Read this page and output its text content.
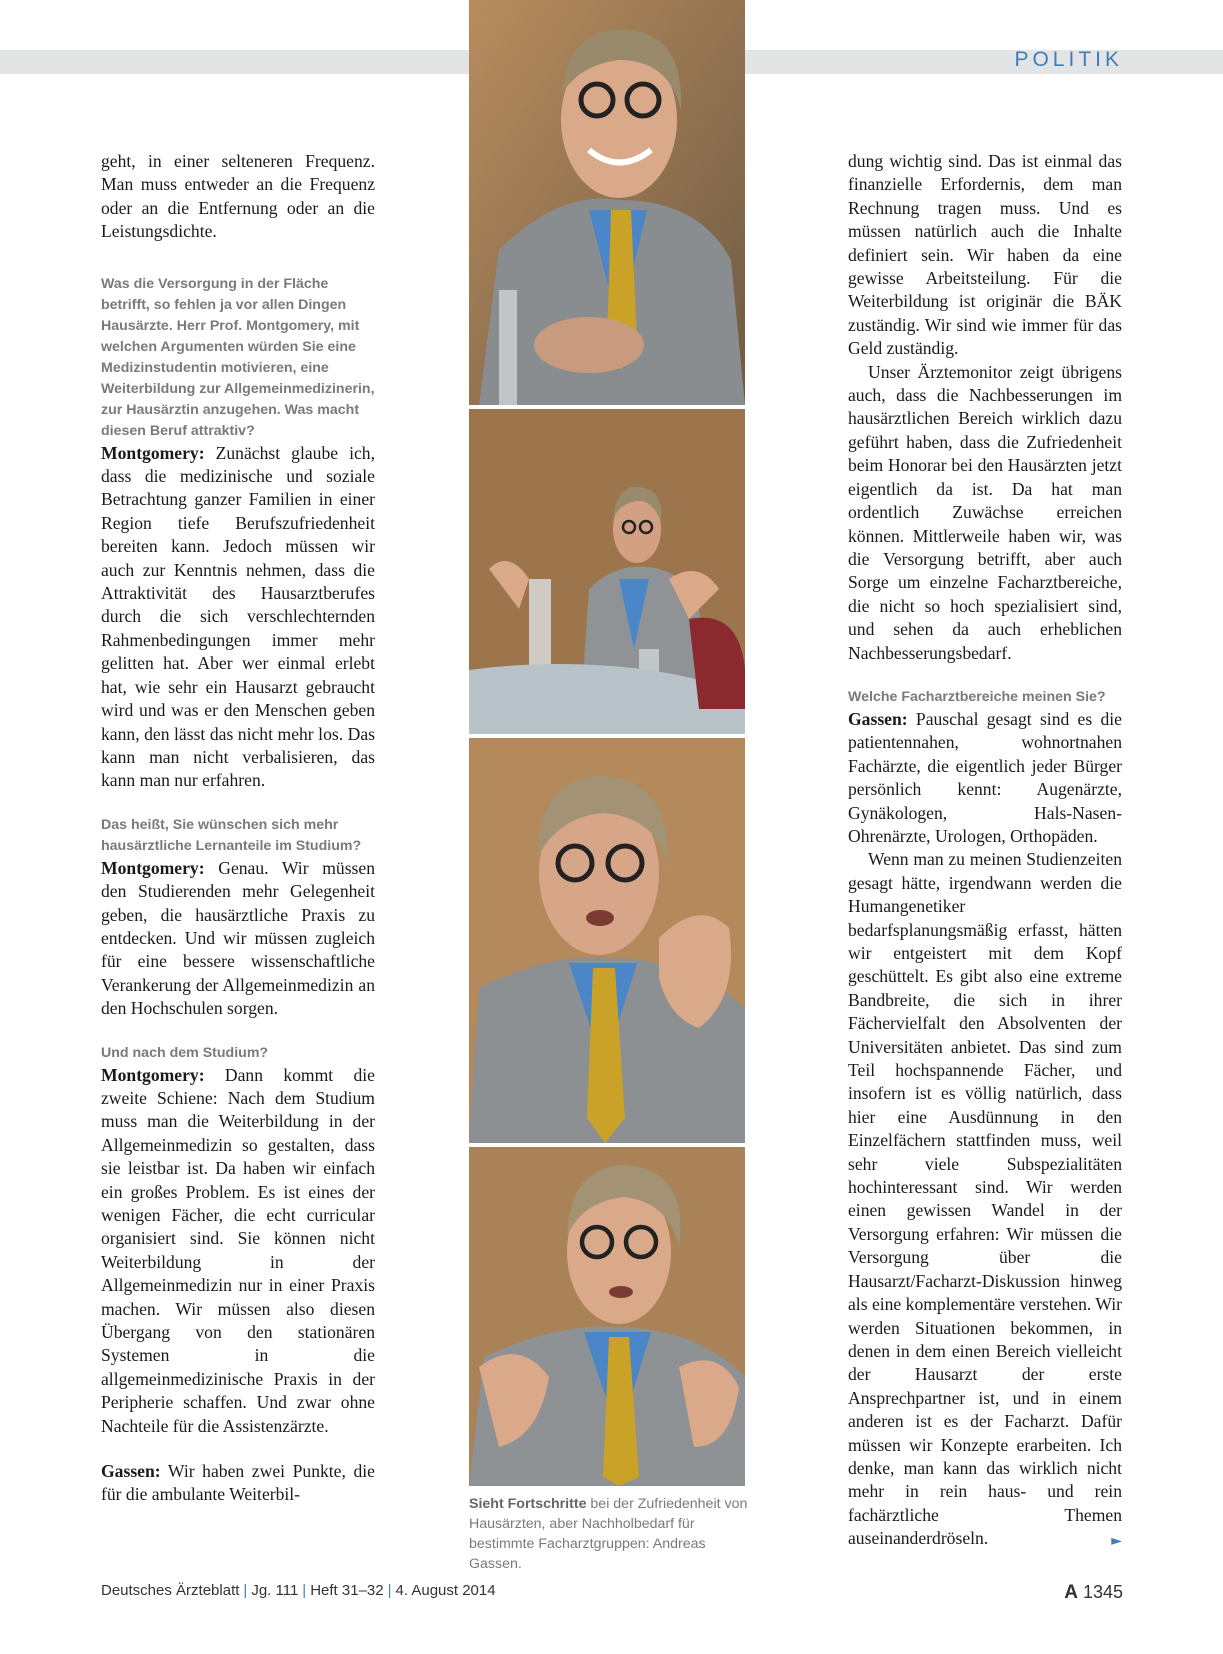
POLITIK

geht, in einer selteneren Frequenz. Man muss entweder an die Frequenz oder an die Entfernung oder an die Leistungsdichte.

Was die Versorgung in der Fläche betrifft, so fehlen ja vor allen Dingen Hausärzte. Herr Prof. Montgomery, mit welchen Argumenten würden Sie eine Medizinstudentin motivieren, eine Weiterbildung zur Allgemeinmedizinerin, zur Hausärztin anzugehen. Was macht diesen Beruf attraktiv?

Montgomery: Zunächst glaube ich, dass die medizinische und soziale Betrachtung ganzer Familien in einer Region tiefe Berufszufriedenheit bereiten kann. Jedoch müssen wir auch zur Kenntnis nehmen, dass die Attraktivität des Hausarztberufes durch die sich verschlechternden Rahmenbedingungen immer mehr gelitten hat. Aber wer einmal erlebt hat, wie sehr ein Hausarzt gebraucht wird und was er den Menschen geben kann, den lässt das nicht mehr los. Das kann man nicht verbalisieren, das kann man nur erfahren.

Das heißt, Sie wünschen sich mehr hausärztliche Lernanteile im Studium?

Montgomery: Genau. Wir müssen den Studierenden mehr Gelegenheit geben, die hausärztliche Praxis zu entdecken. Und wir müssen zugleich für eine bessere wissenschaftliche Verankerung der Allgemeinmedizin an den Hochschulen sorgen.

Und nach dem Studium?

Montgomery: Dann kommt die zweite Schiene: Nach dem Studium muss man die Weiterbildung in der Allgemeinmedizin so gestalten, dass sie leistbar ist. Da haben wir einfach ein großes Problem. Es ist eines der wenigen Fächer, die echt curricular organisiert sind. Sie können nicht Weiterbildung in der Allgemeinmedizin nur in einer Praxis machen. Wir müssen also diesen Übergang von den stationären Systemen in die allgemeinmedizinische Praxis in der Peripherie schaffen. Und zwar ohne Nachteile für die Assistenzärzte.

Gassen: Wir haben zwei Punkte, die für die ambulante Weiterbil-	Sieht Fortschritte bei der Zufriedenheit von Hausärzten, aber Nachholbedarf für bestimmte Facharztgruppen: Andreas Gassen.

dung wichtig sind. Das ist einmal das finanzielle Erfordernis, dem man Rechnung tragen muss. Und es müssen natürlich auch die Inhalte definiert sein. Wir haben da eine gewisse Arbeitsteilung. Für die Weiterbildung ist originär die BÄK zuständig. Wir sind wie immer für das Geld zuständig.

Unser Ärztemonitor zeigt übrigens auch, dass die Nachbesserungen im hausärztlichen Bereich wirklich dazu geführt haben, dass die Zufriedenheit beim Honorar bei den Hausärzten jetzt eigentlich da ist. Da hat man ordentlich Zuwächse erreichen können. Mittlerweile haben wir, was die Versorgung betrifft, aber auch Sorge um einzelne Facharztbereiche, die nicht so hoch spezialisiert sind, und sehen da auch erheblichen Nachbesserungsbedarf.

Welche Facharztbereiche meinen Sie?

Gassen: Pauschal gesagt sind es die patientennahen, wohnortnahen Fachärzte, die eigentlich jeder Bürger persönlich kennt: Augenärzte, Gynäkologen, Hals-Nasen-Ohrenärzte, Urologen, Orthopäden.

Wenn man zu meinen Studienzeiten gesagt hätte, irgendwann werden die Humangenetiker bedarfsplanungsmäßig erfasst, hätten wir entgeistert mit dem Kopf geschüttelt. Es gibt also eine extreme Bandbreite, die sich in ihrer Fächervielfalt den Absolventen der Universitäten anbietet. Das sind zum Teil hochspannende Fächer, und insofern ist es völlig natürlich, dass hier eine Ausdünnung in den Einzelfächern stattfinden muss, weil sehr viele Subspezialitäten hochinteressant sind. Wir werden einen gewissen Wandel in der Versorgung erfahren: Wir müssen die Versorgung über die Hausarzt/Facharzt-Diskussion hinweg als eine komplementäre verstehen. Wir werden Situationen bekommen, in denen in dem einen Bereich vielleicht der Hausarzt der erste Ansprechpartner ist, und in einem anderen ist es der Facharzt. Dafür müssen wir Konzepte erarbeiten. Ich denke, man kann das wirklich nicht mehr in rein haus- und rein fachärztliche Themen auseinanderdröseln.	►

Deutsches Ärzteblatt | Jg. 111 | Heft 31–32 | 4. August 2014	A 1345
